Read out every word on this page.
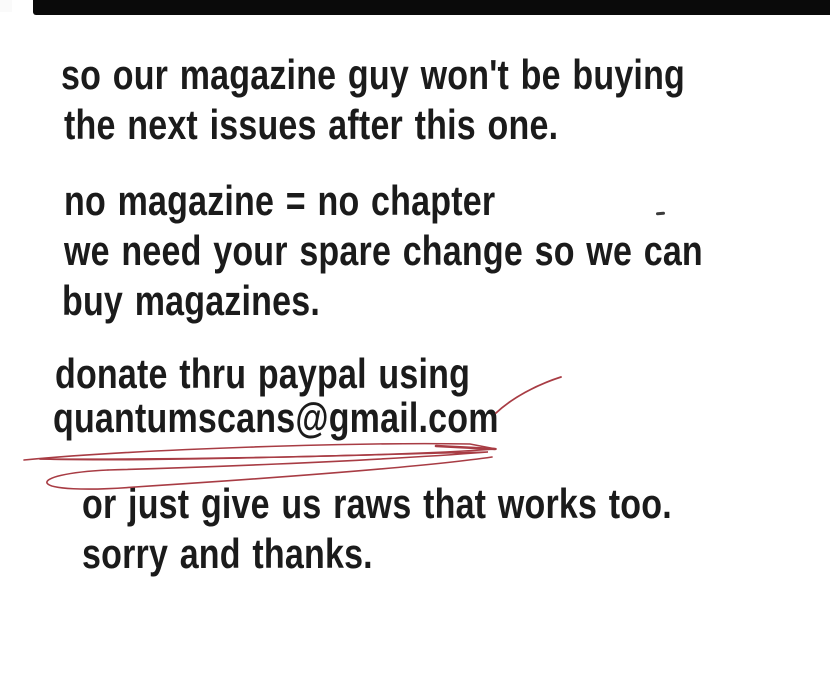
so our magazine guy won't be buying
the next issues after this one.
no magazine = no chapter
we need your spare change so we can
buy magazines.
donate thru paypal using
quantumscans@gmail.com
or just give us raws that works too.
sorry and thanks.
